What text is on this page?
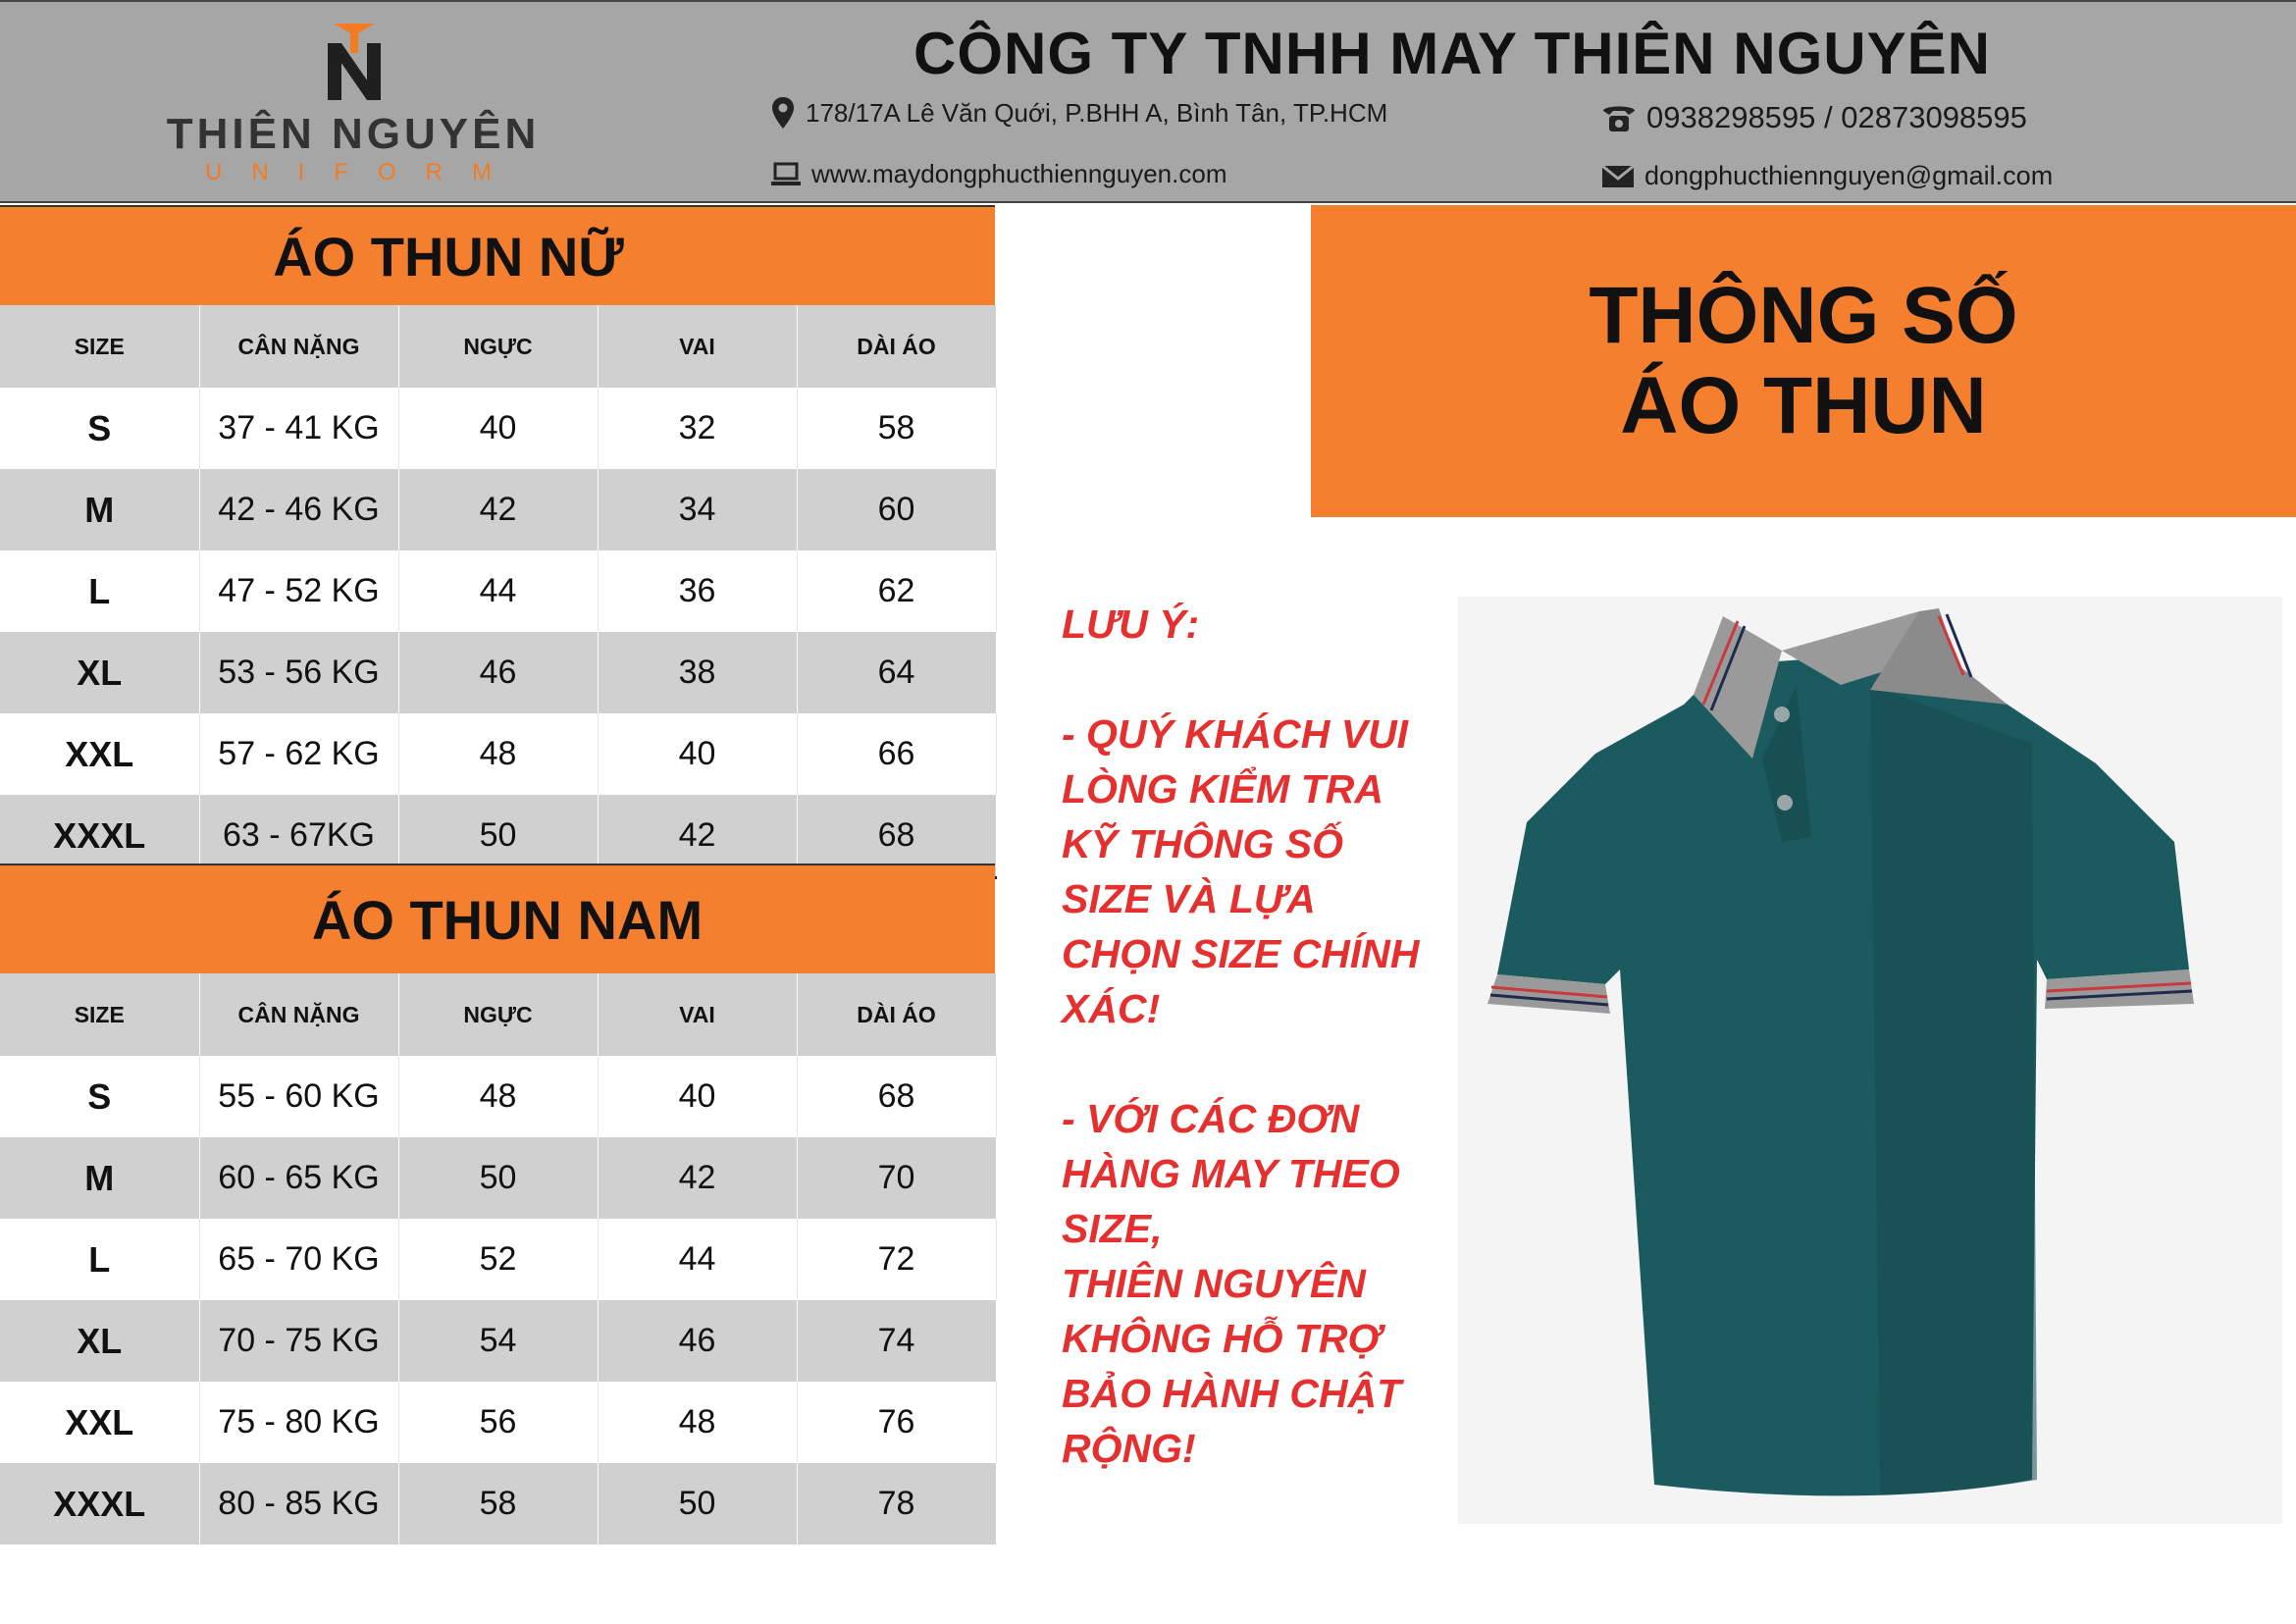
THIÊN NGUYÊN
UNIFORM
CÔNG TY TNHH MAY THIÊN NGUYÊN
178/17A Lê Văn Quới, P.BHH A, Bình Tân, TP.HCM
www.maydongphucthiennguyen.com
0938298595 / 02873098595
dongphucthiennguyen@gmail.com
ÁO THUN NỮ
SIZE	CÂN NẶNG	NGỰC	VAI	DÀI ÁO
S	37 - 41 KG	40	32	58
M	42 - 46 KG	42	34	60
L	47 - 52 KG	44	36	62
XL	53 - 56 KG	46	38	64
XXL	57 - 62 KG	48	40	66
XXXL	63 - 67KG	50	42	68
ÁO THUN NAM
SIZE	CÂN NẶNG	NGỰC	VAI	DÀI ÁO
S	55 - 60 KG	48	40	68
M	60 - 65 KG	50	42	70
L	65 - 70 KG	52	44	72
XL	70 - 75 KG	54	46	74
XXL	75 - 80 KG	56	48	76
XXXL	80 - 85 KG	58	50	78
THÔNG SỐ
ÁO THUN

LƯU Ý:

- QUÝ KHÁCH VUI

LÒNG KIỂM TRA

KỸ THÔNG SỐ

SIZE VÀ LỰA

CHỌN SIZE CHÍNH

XÁC!

- VỚI CÁC ĐƠN

HÀNG MAY THEO

SIZE,

THIÊN NGUYÊN

KHÔNG HỖ TRỢ

BẢO HÀNH CHẬT

RỘNG!
